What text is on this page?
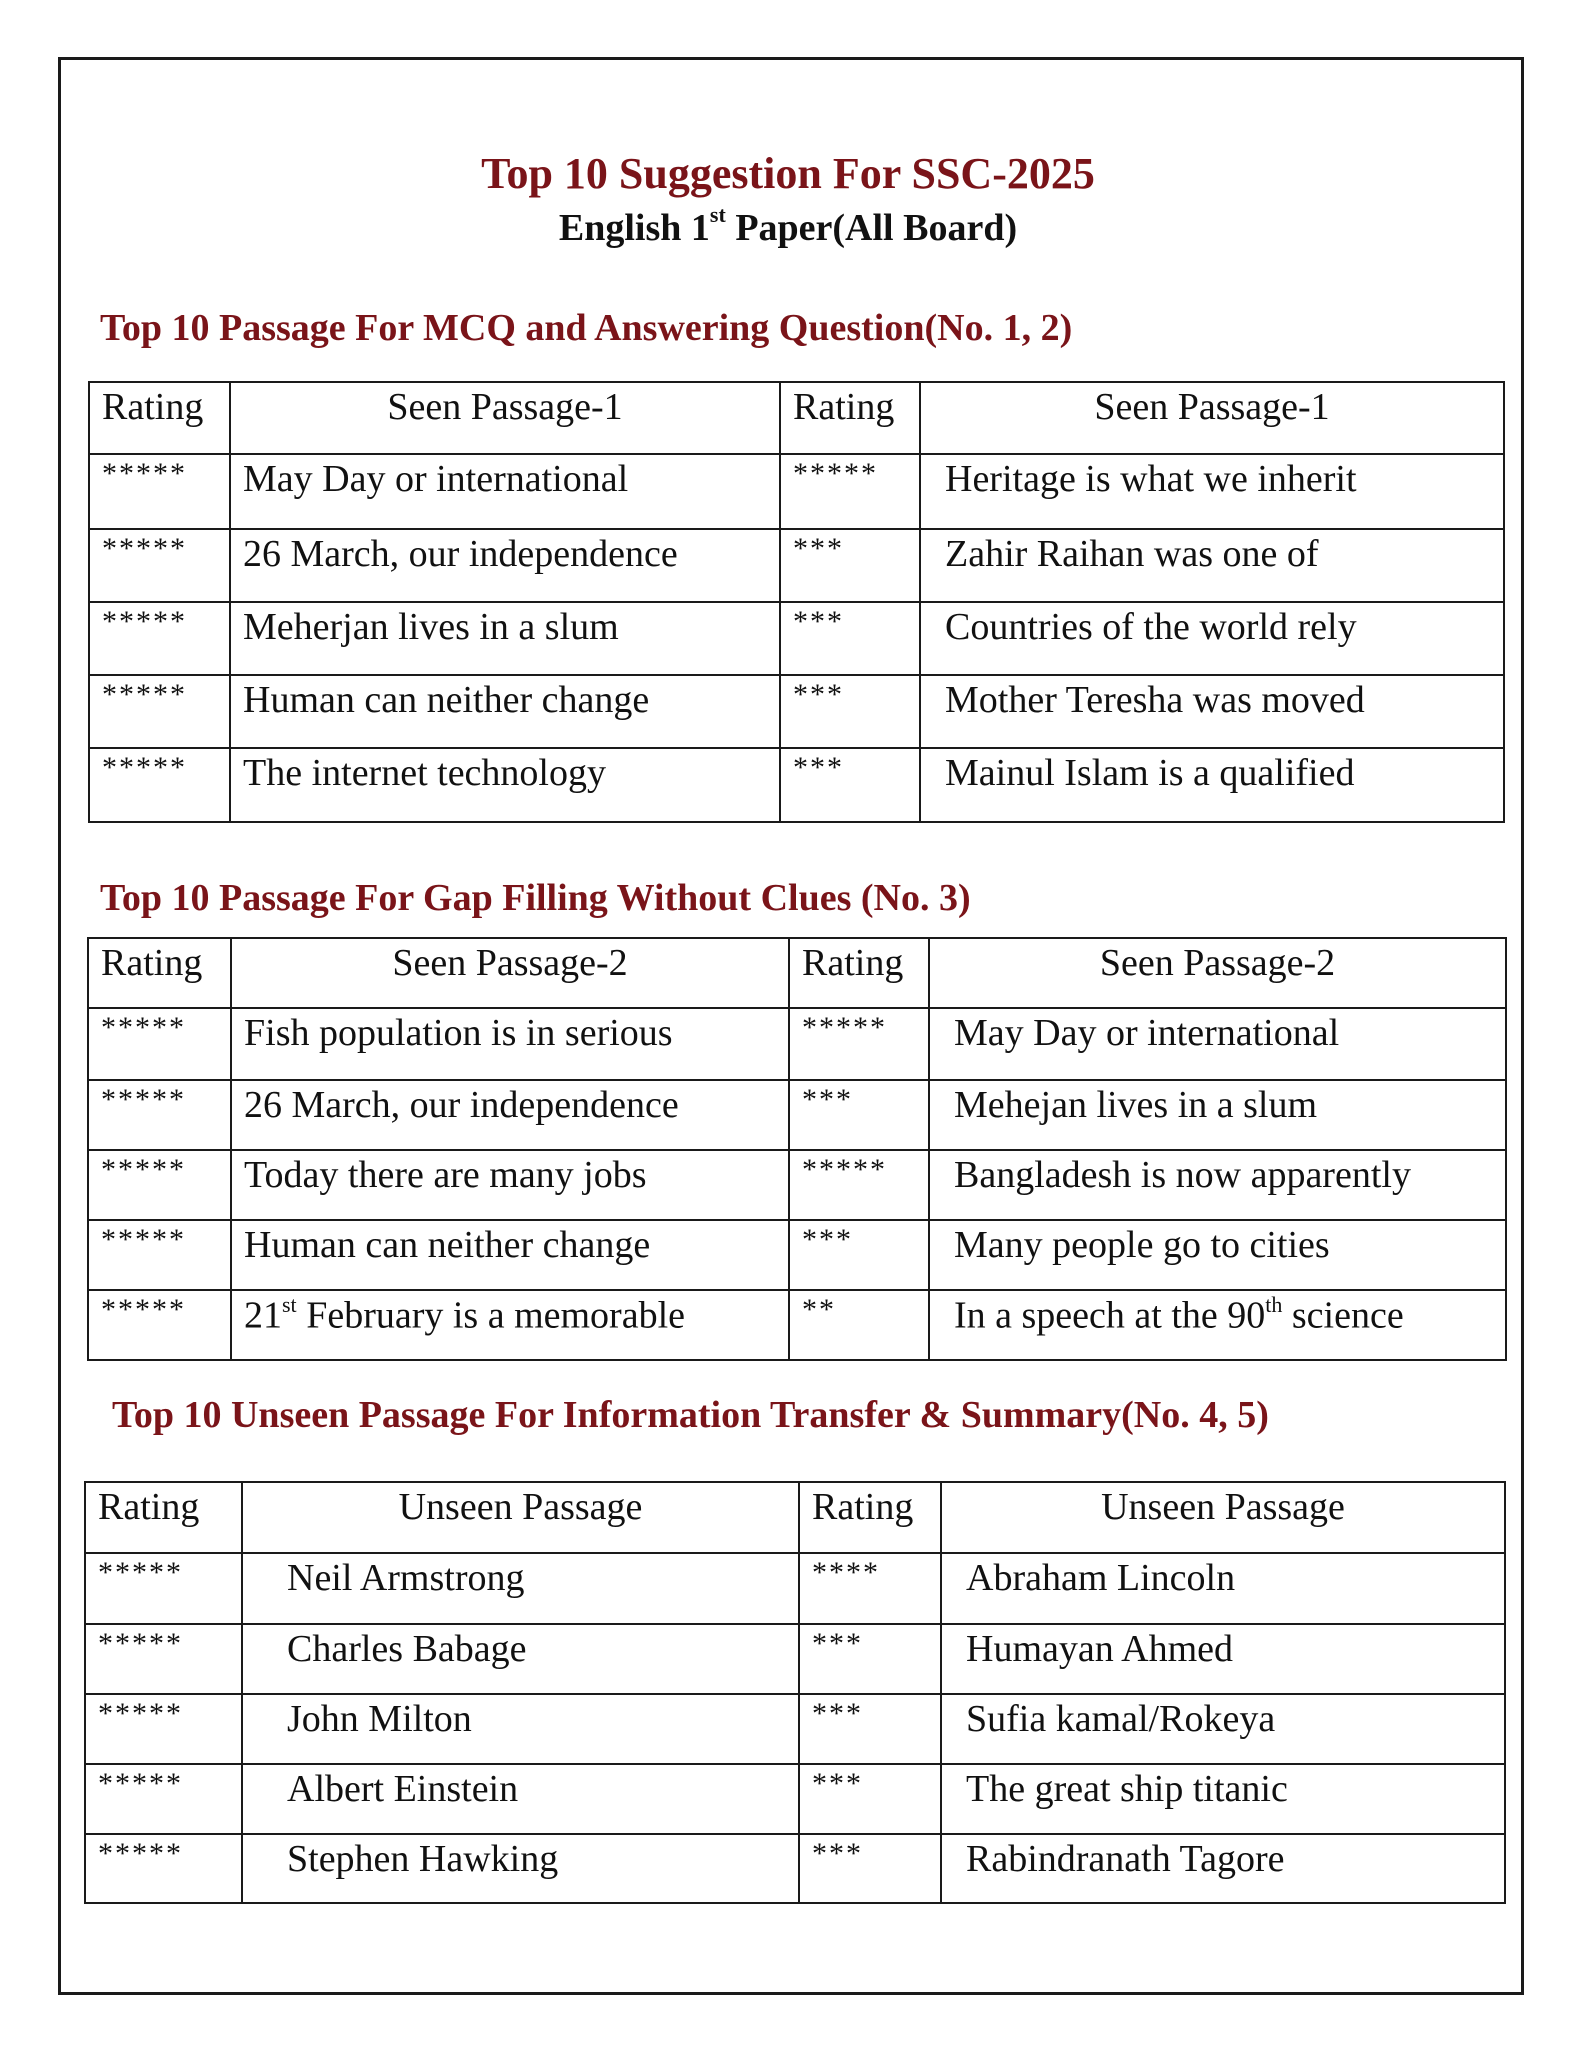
Top 10 Suggestion For SSC-2025
English 1st Paper(All Board)
Top 10 Passage For MCQ and Answering Question(No. 1, 2)
Rating	Seen Passage-1	Rating	Seen Passage-1
*****	May Day or international	*****	Heritage is what we inherit
*****	26 March, our independence	***	Zahir Raihan was one of
*****	Meherjan lives in a slum	***	Countries of the world rely
*****	Human can neither change	***	Mother Teresha was moved
*****	The internet technology	***	Mainul Islam is a qualified
Top 10 Passage For Gap Filling Without Clues (No. 3)
Rating	Seen Passage-2	Rating	Seen Passage-2
*****	Fish population is in serious	*****	May Day or international
*****	26 March, our independence	***	Mehejan lives in a slum
*****	Today there are many jobs	*****	Bangladesh is now apparently
*****	Human can neither change	***	Many people go to cities
*****	21st February is a memorable	**	In a speech at the 90th science
Top 10 Unseen Passage For Information Transfer & Summary(No. 4, 5)
Rating	Unseen Passage	Rating	Unseen Passage
*****	Neil Armstrong	****	Abraham Lincoln
*****	Charles Babage	***	Humayan Ahmed
*****	John Milton	***	Sufia kamal/Rokeya
*****	Albert Einstein	***	The great ship titanic
*****	Stephen Hawking	***	Rabindranath Tagore
